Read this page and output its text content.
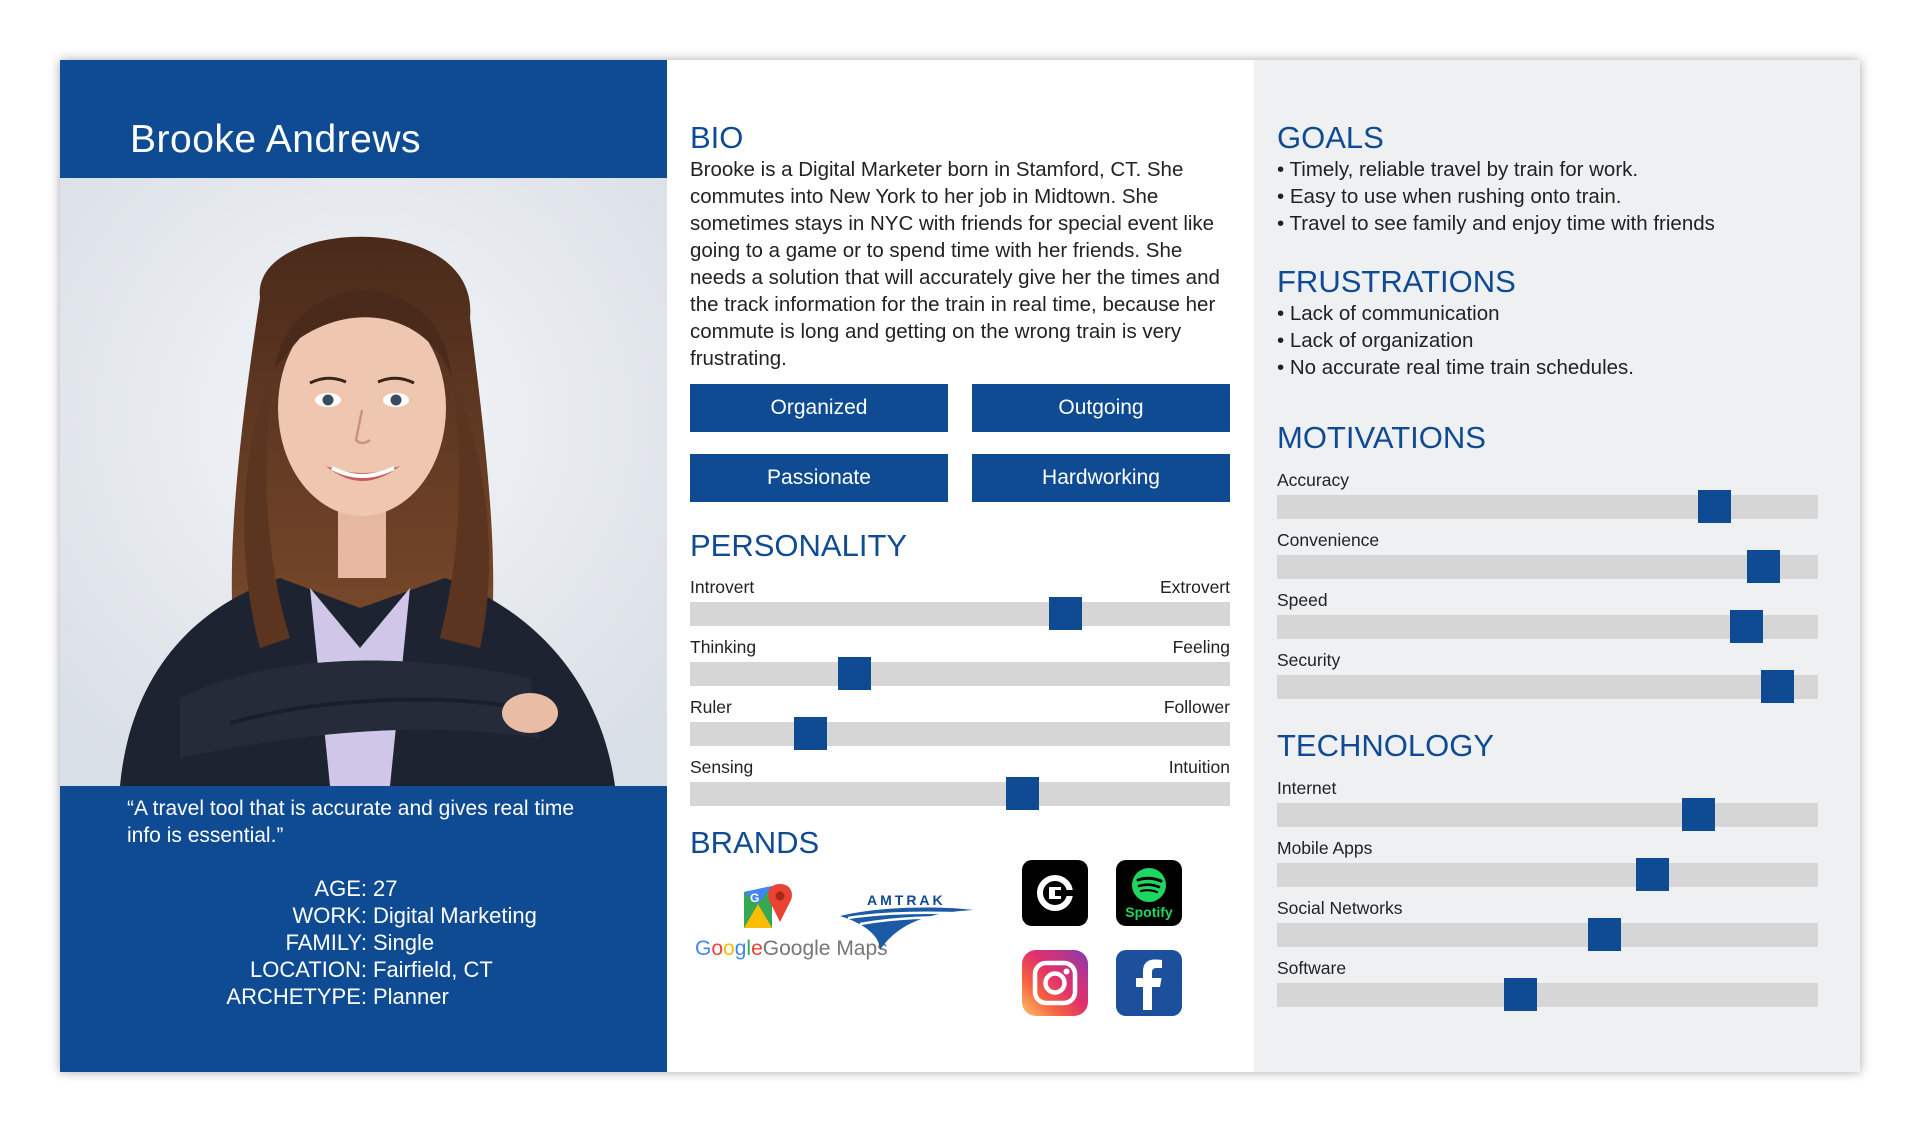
Brooke Andrews
“A travel tool that is accurate and gives real time info is essential.”
AGE: 27
WORK: Digital Marketing
FAMILY: Single
LOCATION: Fairfield, CT
ARCHETYPE: Planner
BIO
Brooke is a Digital Marketer born in Stamford, CT. She commutes into New York to her job in Midtown. She sometimes stays in NYC with friends for special event like going to a game or to spend time with her friends. She needs a solution that will accurately give her the times and the track information for the train in real time, because her commute is long and getting on the wrong train is very frustrating.
Organized	Outgoing
Passionate	Hardworking
PERSONALITY
Introvert	Extrovert
Thinking	Feeling
Ruler	Follower
Sensing	Intuition
BRANDS
G
GoogleGoogle Maps
AMTRAK
Spotify
GOALS
• Timely, reliable travel by train for work.
• Easy to use when rushing onto train.
• Travel to see family and enjoy time with friends
FRUSTRATIONS
• Lack of communication
• Lack of organization
• No accurate real time train schedules.
MOTIVATIONS
Accuracy
Convenience
Speed
Security
TECHNOLOGY
Internet
Mobile Apps
Social Networks
Software
